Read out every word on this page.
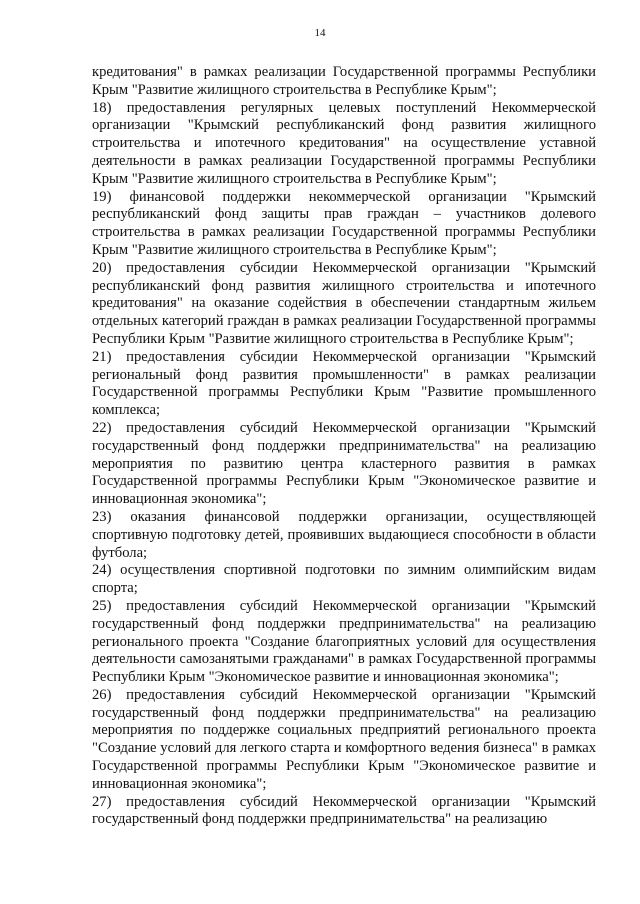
14

кредитования" в рамках реализации Государственной программы Республики Крым "Развитие жилищного строительства в Республике Крым";

18) предоставления регулярных целевых поступлений Некоммерческой организации "Крымский республиканский фонд развития жилищного строительства и ипотечного кредитования" на осуществление уставной деятельности в рамках реализации Государственной программы Республики Крым "Развитие жилищного строительства в Республике Крым";

19) финансовой поддержки некоммерческой организации "Крымский республиканский фонд защиты прав граждан – участников долевого строительства в рамках реализации Государственной программы Республики Крым "Развитие жилищного строительства в Республике Крым";

20) предоставления субсидии Некоммерческой организации "Крымский республиканский фонд развития жилищного строительства и ипотечного кредитования" на оказание содействия в обеспечении стандартным жильем отдельных категорий граждан в рамках реализации Государственной программы Республики Крым "Развитие жилищного строительства в Республике Крым";

21) предоставления субсидии Некоммерческой организации "Крымский региональный фонд развития промышленности" в рамках реализации Государственной программы Республики Крым "Развитие промышленного комплекса;

22) предоставления субсидий Некоммерческой организации "Крымский государственный фонд поддержки предпринимательства" на реализацию мероприятия по развитию центра кластерного развития в рамках Государственной программы Республики Крым "Экономическое развитие и инновационная экономика";

23) оказания финансовой поддержки организации, осуществляющей спортивную подготовку детей, проявивших выдающиеся способности в области футбола;

24) осуществления спортивной подготовки по зимним олимпийским видам спорта;

25) предоставления субсидий Некоммерческой организации "Крымский государственный фонд поддержки предпринимательства" на реализацию регионального проекта "Создание благоприятных условий для осуществления деятельности самозанятыми гражданами" в рамках Государственной программы Республики Крым "Экономическое развитие и инновационная экономика";

26) предоставления субсидий Некоммерческой организации "Крымский государственный фонд поддержки предпринимательства" на реализацию мероприятия по поддержке социальных предприятий регионального проекта "Создание условий для легкого старта и комфортного ведения бизнеса" в рамках Государственной программы Республики Крым "Экономическое развитие и инновационная экономика";

27) предоставления субсидий Некоммерческой организации "Крымский государственный фонд поддержки предпринимательства" на реализацию
